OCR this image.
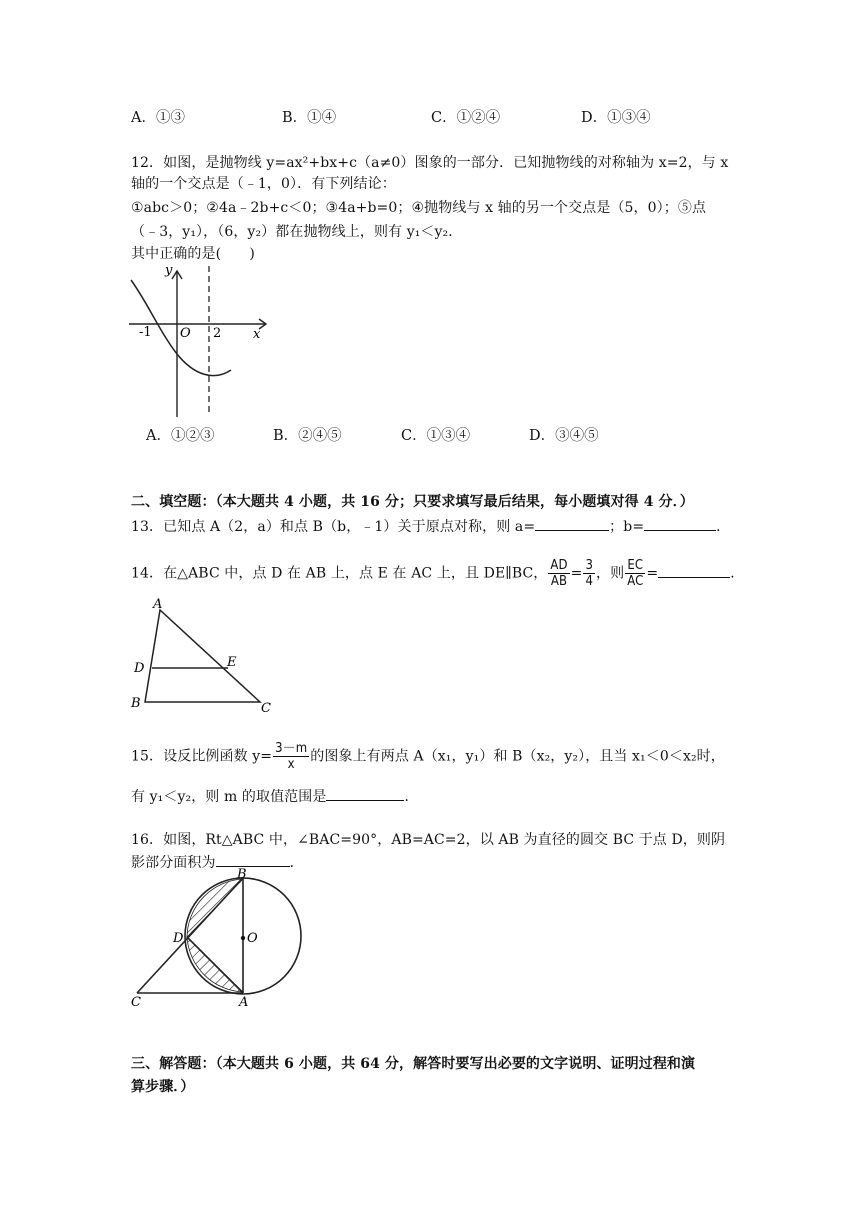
A．①③	B．①④	C．①②④	D．①③④
12．如图，是抛物线 y=ax²+bx+c（a≠0）图象的一部分．已知抛物线的对称轴为 x=2，与 x
轴的一个交点是（﹣1，0）．有下列结论：
①abc＞0；②4a﹣2b+c＜0；③4a+b=0；④抛物线与 x 轴的另一个交点是（5，0）；⑤点
（﹣3，y₁），（6，y₂）都在抛物线上，则有 y₁＜y₂．
其中正确的是(　　)
y
x
-1 O 2
A．①②③	B．②④⑤	C．①③④	D．③④⑤
二、填空题：（本大题共 4 小题，共 16 分；只要求填写最后结果，每小题填对得 4 分．）
13．已知点 A（2，a）和点 B（b，﹣1）关于原点对称，则 a=	；b=	．
14．在△ABC 中，点 D 在 AB 上，点 E 在 AC 上，且 DE∥BC， $\frac{AD}{AB} = \frac{3}{4}$ ，则 $\frac{EC}{AC}$ =	．
A
B	C
D	E
15．设反比例函数 $y= \frac{3-m}{x}$ 的图象上有两点 A（x₁，y₁）和 B（x₂，y₂），且当 x₁＜0＜x₂时，
有 y₁＜y₂，则 m 的取值范围是	．
16．如图，Rt△ABC 中，∠BAC=90°，AB=AC=2，以 AB 为直径的圆交 BC 于点 D，则阴
影部分面积为	．
B
D	O
C	A
三、解答题：（本大题共 6 小题，共 64 分，解答时要写出必要的文字说明、证明过程和演
算步骤．）
